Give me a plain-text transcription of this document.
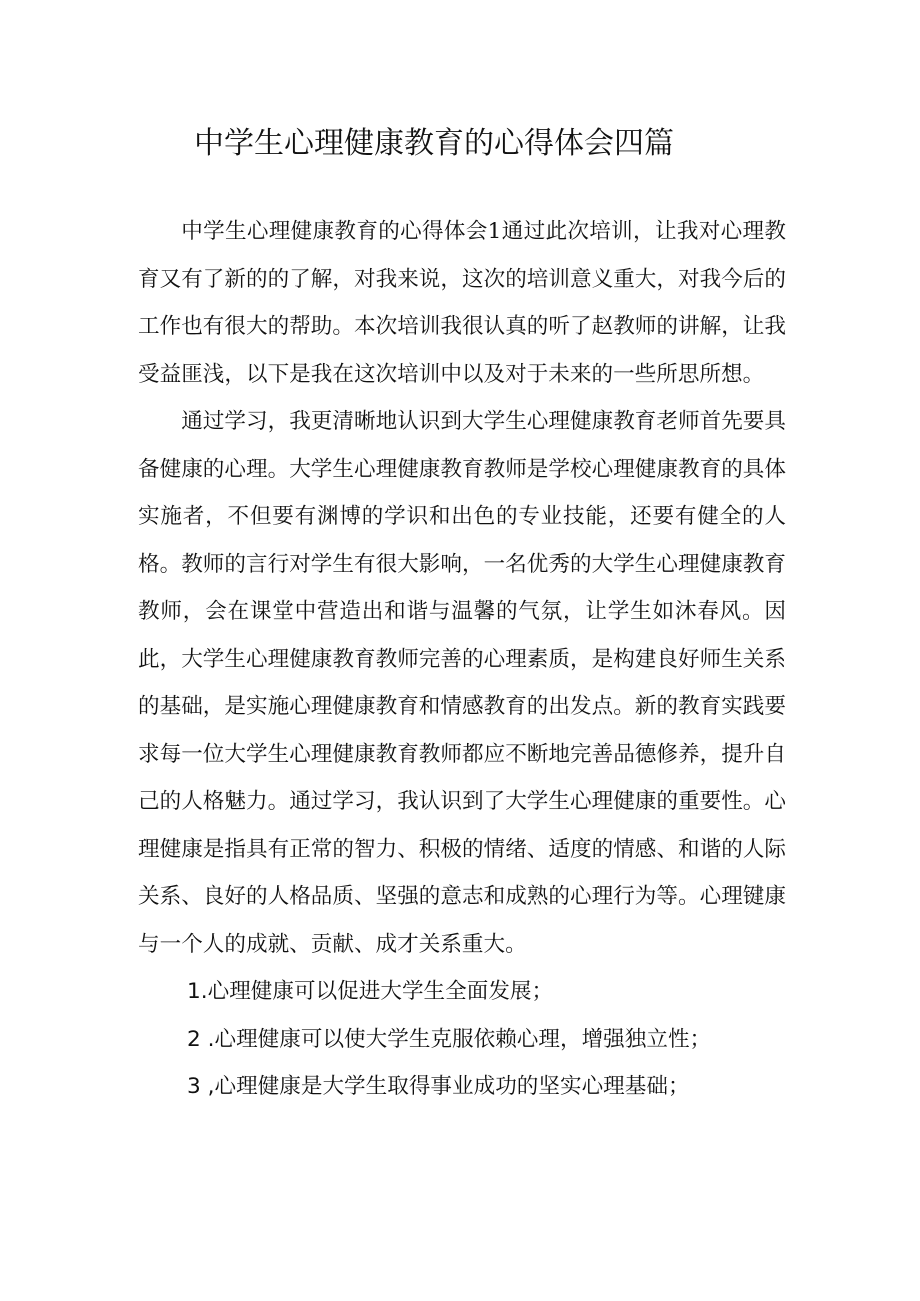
中学生心理健康教育的心得体会四篇

中学生心理健康教育的心得体会1通过此次培训，让我对心理教育又有了新的的了解，对我来说，这次的培训意义重大，对我今后的工作也有很大的帮助。本次培训我很认真的听了赵教师的讲解，让我受益匪浅，以下是我在这次培训中以及对于未来的一些所思所想。

通过学习，我更清晰地认识到大学生心理健康教育老师首先要具备健康的心理。大学生心理健康教育教师是学校心理健康教育的具体实施者，不但要有渊博的学识和出色的专业技能，还要有健全的人格。教师的言行对学生有很大影响，一名优秀的大学生心理健康教育教师，会在课堂中营造出和谐与温馨的气氛，让学生如沐春风。因此，大学生心理健康教育教师完善的心理素质，是构建良好师生关系的基础，是实施心理健康教育和情感教育的出发点。新的教育实践要求每一位大学生心理健康教育教师都应不断地完善品德修养，提升自己的人格魅力。通过学习，我认识到了大学生心理健康的重要性。心理健康是指具有正常的智力、积极的情绪、适度的情感、和谐的人际关系、良好的人格品质、坚强的意志和成熟的心理行为等。心理键康与一个人的成就、贡献、成才关系重大。

1.心理健康可以促进大学生全面发展；
2 .心理健康可以使大学生克服依赖心理，增强独立性；
3 ,心理健康是大学生取得事业成功的坚实心理基础；
